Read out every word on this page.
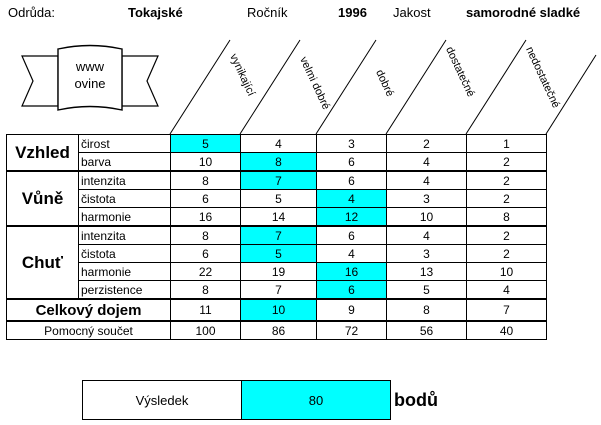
Odrůda:	Tokajské	Ročník	1996 Jakost	samorodné sladké
www
ovine	vynikající	velmi dobré	dobré	dostatečné	nedostatečné
Vzhled	čirost	5	4	3	2	1
	barva	10	8	6	4	2
Vůně	intenzita	8	7	6	4	2
	čistota	6	5	4	3	2
	harmonie	16	14	12	10	8
Chuť	intenzita	8	7	6	4	2
	čistota	6	5	4	3	2
	harmonie	22	19	16	13	10
	perzistence	8	7	6	5	4
Celkový dojem		11	10	9	8	7
Pomocný součet		100	86	72	56	40
Výsledek	80	bodů
